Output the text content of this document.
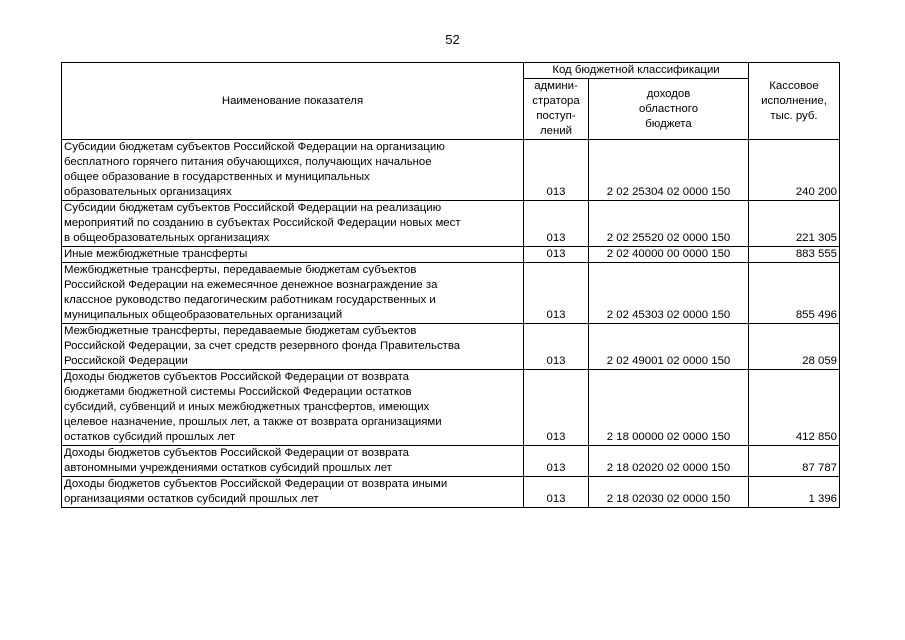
52
Наименование показателя	Код бюджетной классификации		Кассовое
исполнение,
тыс. руб.
	админи-
стратора
поступ-
лений	доходов
областного
бюджета	
Субсидии бюджетам субъектов Российской Федерации на организацию
бесплатного горячего питания обучающихся, получающих начальное
общее образование в государственных и муниципальных
образовательных организациях	013	2 02 25304 02 0000 150	240 200
Субсидии бюджетам субъектов Российской Федерации на реализацию
мероприятий по созданию в субъектах Российской Федерации новых мест
в общеобразовательных организациях	013	2 02 25520 02 0000 150	221 305
Иные межбюджетные трансферты	013	2 02 40000 00 0000 150	883 555
Межбюджетные трансферты, передаваемые бюджетам субъектов
Российской Федерации на ежемесячное денежное вознаграждение за
классное руководство педагогическим работникам государственных и
муниципальных общеобразовательных организаций	013	2 02 45303 02 0000 150	855 496
Межбюджетные трансферты, передаваемые бюджетам субъектов
Российской Федерации, за счет средств резервного фонда Правительства
Российской Федерации	013	2 02 49001 02 0000 150	28 059
Доходы бюджетов субъектов Российской Федерации от возврата
бюджетами бюджетной системы Российской Федерации остатков
субсидий, субвенций и иных межбюджетных трансфертов, имеющих
целевое назначение, прошлых лет, а также от возврата организациями
остатков субсидий прошлых лет	013	2 18 00000 02 0000 150	412 850
Доходы бюджетов субъектов Российской Федерации от возврата
автономными учреждениями остатков субсидий прошлых лет	013	2 18 02020 02 0000 150	87 787
Доходы бюджетов субъектов Российской Федерации от возврата иными
организациями остатков субсидий прошлых лет	013	2 18 02030 02 0000 150	1 396
